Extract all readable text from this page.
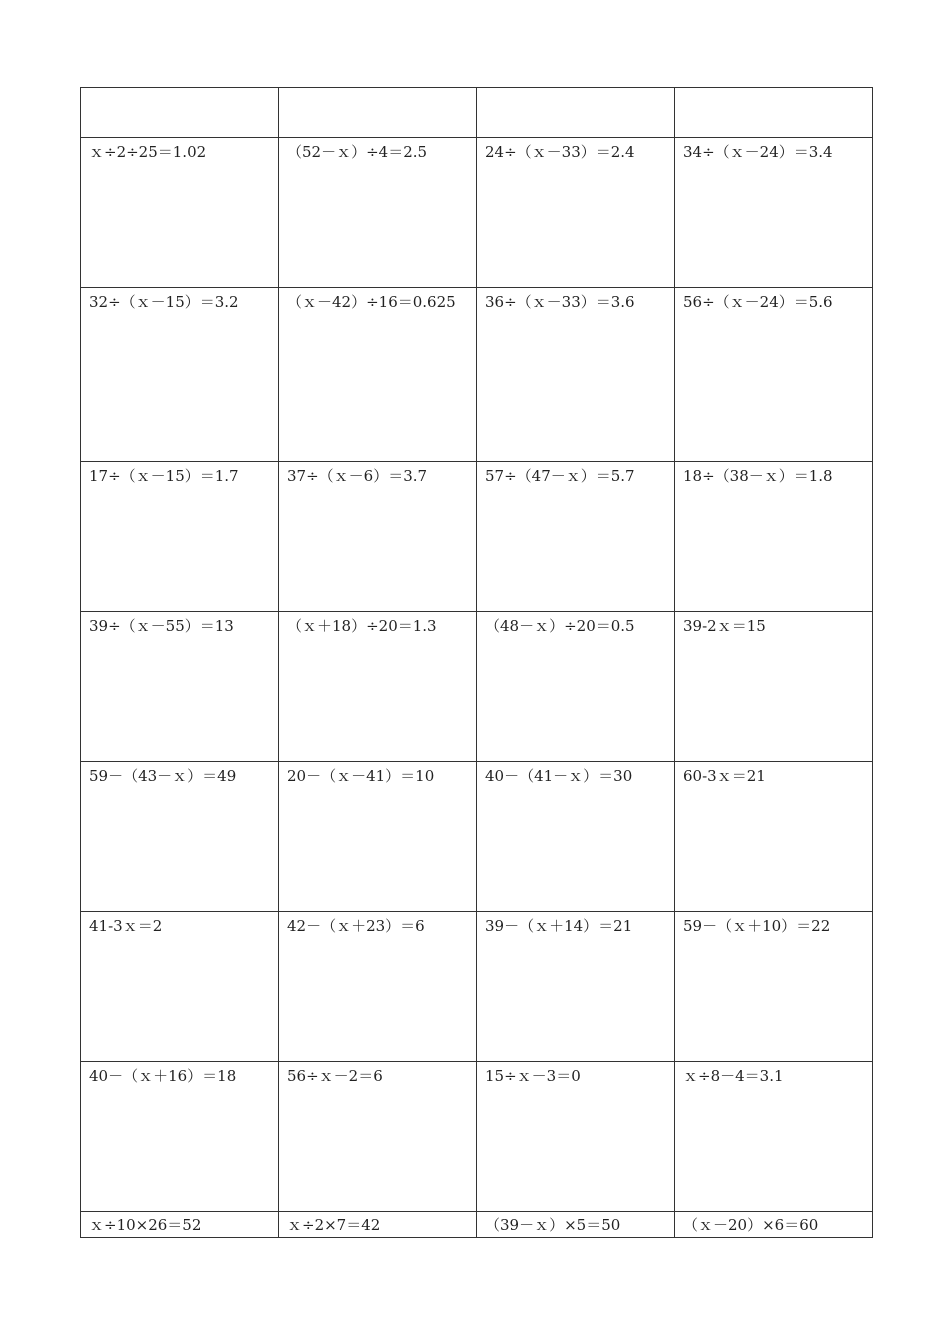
ｘ÷2÷25＝1.02	（52－ｘ）÷4＝2.5	24÷（ｘ－33）＝2.4	34÷（ｘ－24）＝3.4

32÷（ｘ－15）＝3.2	（ｘ－42）÷16＝0.625	36÷（ｘ－33）＝3.6	56÷（ｘ－24）＝5.6

17÷（ｘ－15）＝1.7	37÷（ｘ－6）＝3.7	57÷（47－ｘ）＝5.7	18÷（38－ｘ）＝1.8

39÷（ｘ－55）＝13	（ｘ＋18）÷20＝1.3	（48－ｘ）÷20＝0.5	39-2ｘ＝15

59－（43－ｘ）＝49	20－（ｘ－41）＝10	40－（41－ｘ）＝30	60-3ｘ＝21

41-3ｘ＝2	42－（ｘ＋23）＝6	39－（ｘ＋14）＝21	59－（ｘ＋10）＝22

40－（ｘ＋16）＝18	56÷ｘ－2＝6	15÷ｘ－3＝0	ｘ÷8－4＝3.1

ｘ÷10×26＝52	ｘ÷2×7＝42	（39－ｘ）×5＝50	（ｘ－20）×6＝60
